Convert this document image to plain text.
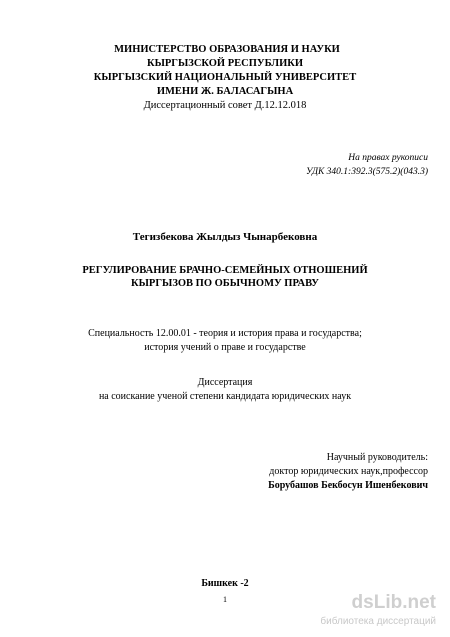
МИНИСТЕРСТВО ОБРАЗОВАНИЯ И НАУКИ
КЫРГЫЗСКОЙ РЕСПУБЛИКИ
КЫРГЫЗСКИЙ НАЦИОНАЛЬНЫЙ УНИВЕРСИТЕТ
ИМЕНИ Ж. БАЛАСАГЫНА
Диссертационный совет Д.12.12.018
На правах рукописи
УДК 340.1:392.3(575.2)(043.3)
Тегизбекова Жылдыз Чынарбековна
РЕГУЛИРОВАНИЕ БРАЧНО-СЕМЕЙНЫХ ОТНОШЕНИЙ
КЫРГЫЗОВ ПО ОБЫЧНОМУ ПРАВУ
Специальность 12.00.01 - теория и история права и государства;
история учений о праве и государстве
Диссертация
на соискание ученой степени кандидата юридических наук
Научный руководитель:
доктор юридических наук,профессор
Борубашов Бекбосун Ишенбекович
Бишкек -2
1	dsLib.net
библиотека диссертаций
